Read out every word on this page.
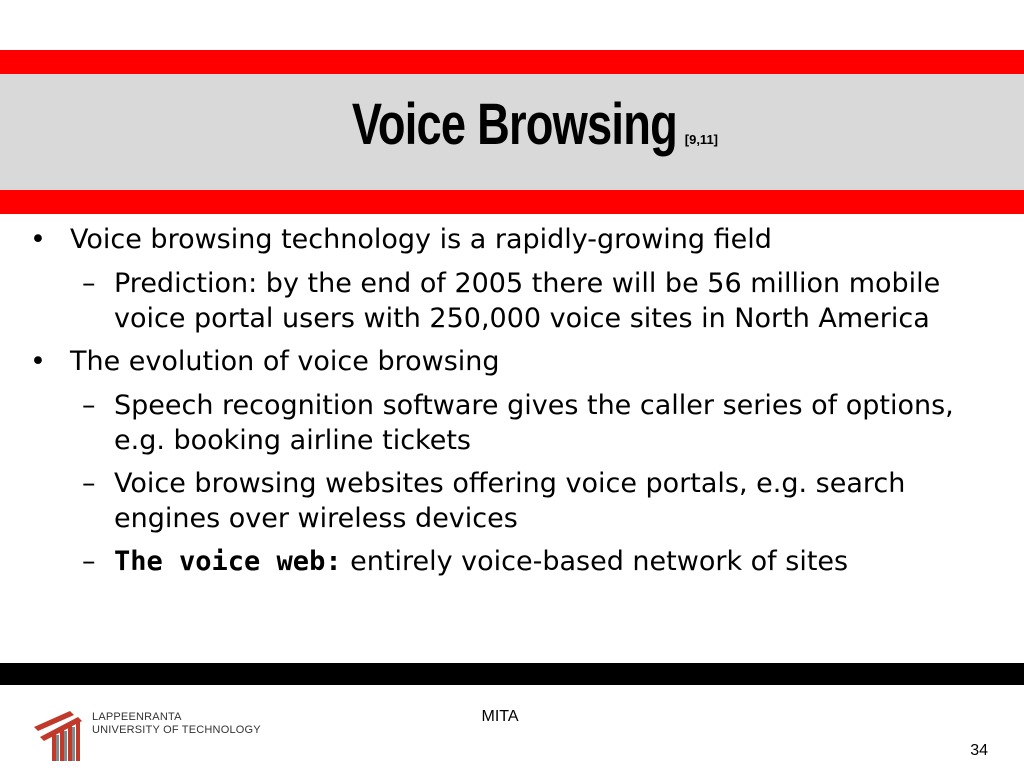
Voice Browsing [9,11]
• Voice browsing technology is a rapidly-growing field
– Prediction: by the end of 2005 there will be 56 million mobile voice portal users with 250,000 voice sites in North America
• The evolution of voice browsing
– Speech recognition software gives the caller series of options, e.g. booking airline tickets
– Voice browsing websites offering voice portals, e.g. search engines over wireless devices
– The voice web: entirely voice-based network of sites
LAPPEENRANTA
UNIVERSITY OF TECHNOLOGY
MITA
34
